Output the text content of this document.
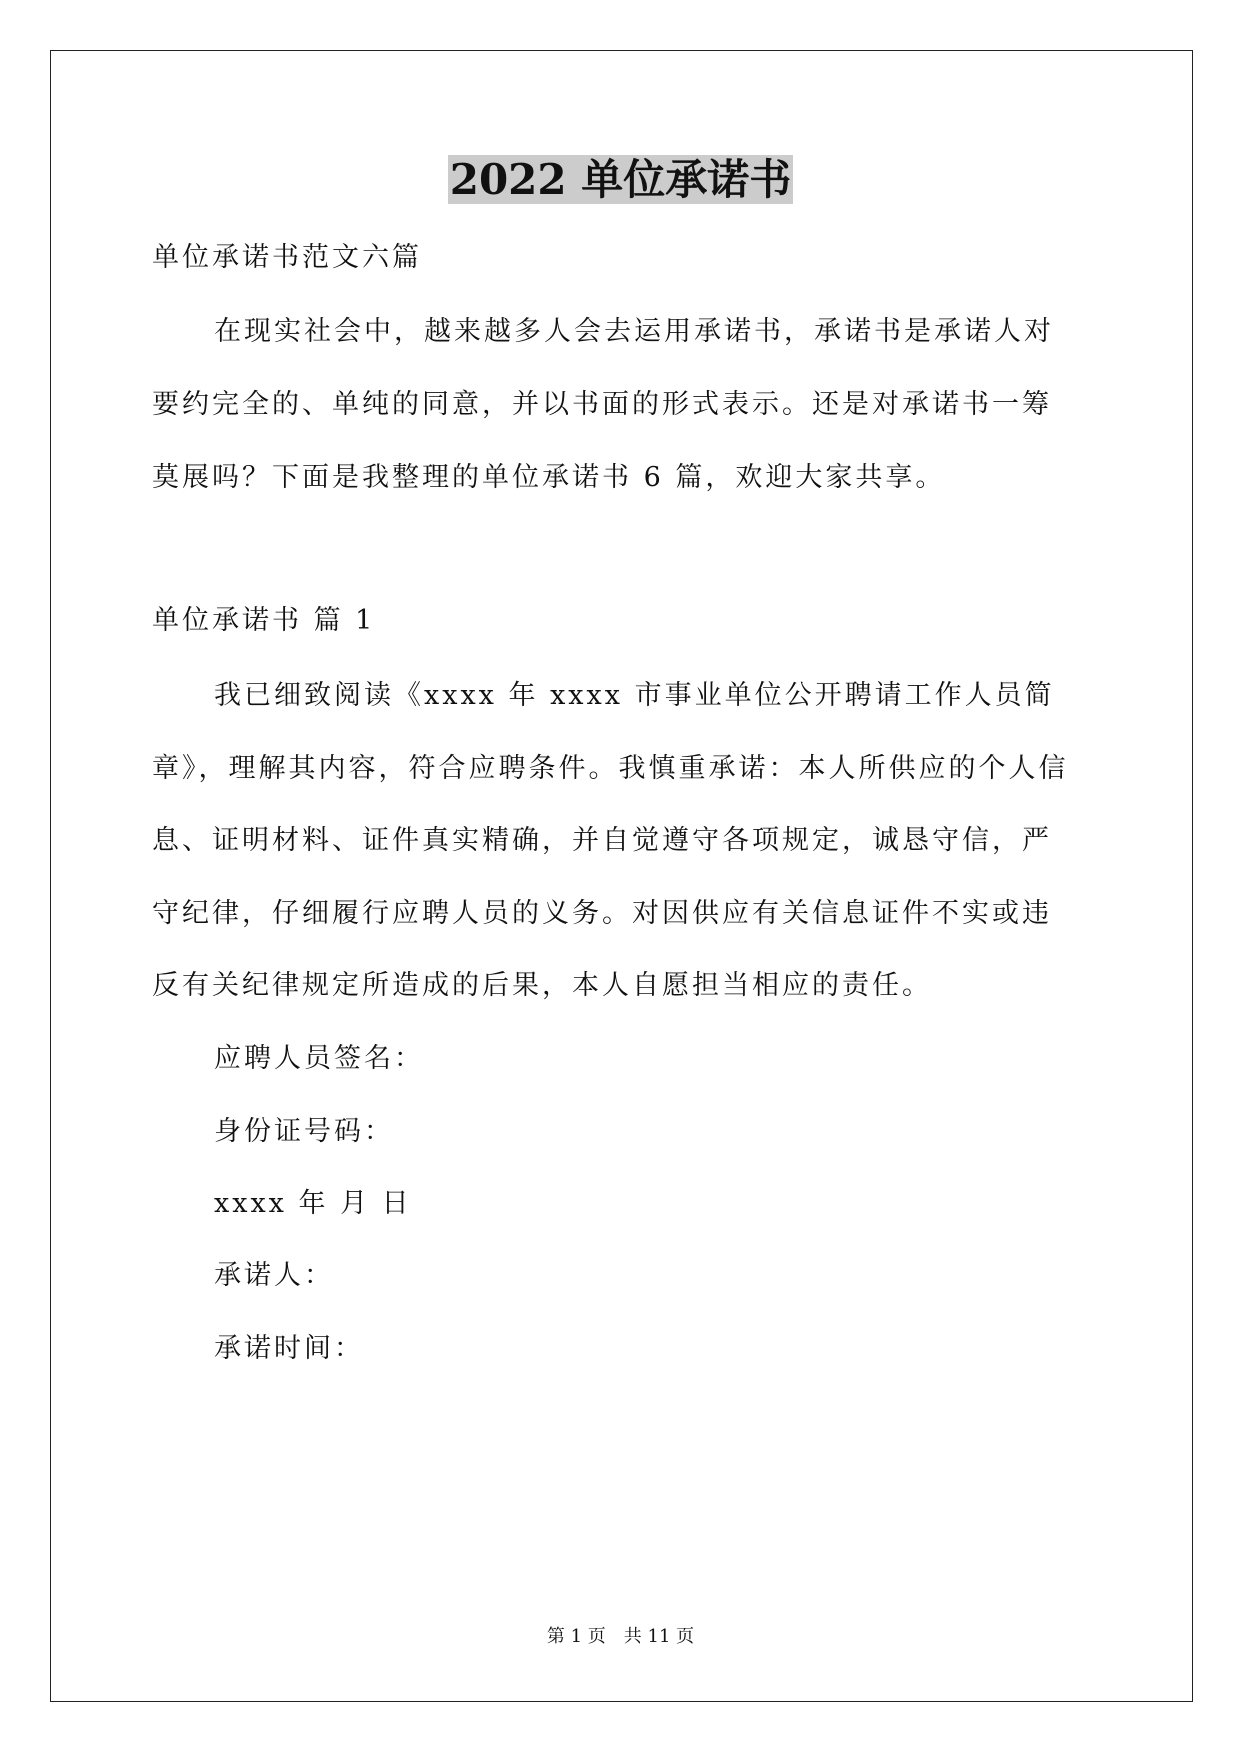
2022 单位承诺书

单位承诺书范文六篇

在现实社会中，越来越多人会去运用承诺书，承诺书是承诺人对

要约完全的、单纯的同意，并以书面的形式表示。还是对承诺书一筹

莫展吗？下面是我整理的单位承诺书 6 篇，欢迎大家共享。

单位承诺书 篇 1

我已细致阅读《xxxx 年 xxxx 市事业单位公开聘请工作人员简

章》，理解其内容，符合应聘条件。我慎重承诺：本人所供应的个人信

息、证明材料、证件真实精确，并自觉遵守各项规定，诚恳守信，严

守纪律，仔细履行应聘人员的义务。对因供应有关信息证件不实或违

反有关纪律规定所造成的后果，本人自愿担当相应的责任。

应聘人员签名：

身份证号码：

xxxx 年 月 日

承诺人：

承诺时间：

第 1 页　共 11 页
